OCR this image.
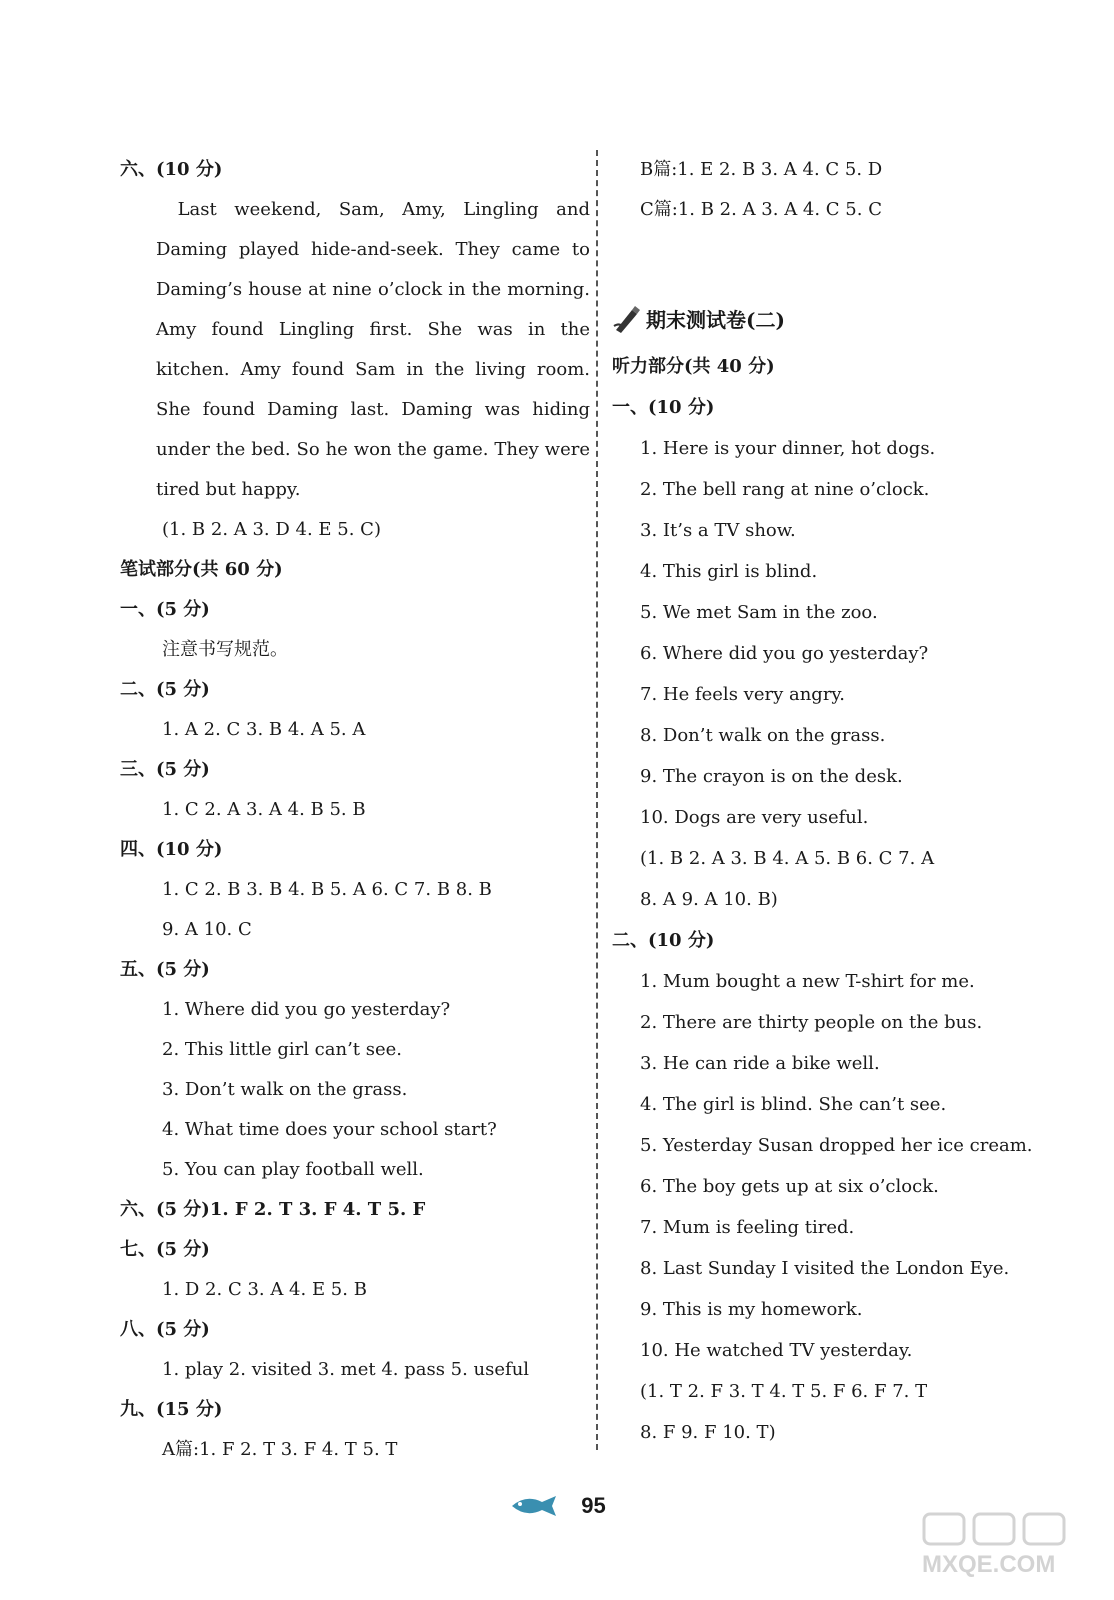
六、(10 分)

Last weekend, Sam, Amy, Lingling and Daming played hide-and-seek. They came to Daming’s house at nine o’clock in the morning. Amy found Lingling first. She was in the kitchen. Amy found Sam in the living room. She found Daming last. Daming was hiding under the bed. So he won the game. They were tired but happy.

(1. B 2. A 3. D 4. E 5. C)
笔试部分(共 60 分)
一、(5 分)
注意书写规范。
二、(5 分)
1. A 2. C 3. B 4. A 5. A
三、(5 分)
1. C 2. A 3. A 4. B 5. B
四、(10 分)
1. C 2. B 3. B 4. B 5. A 6. C 7. B 8. B
9. A 10. C
五、(5 分)
1. Where did you go yesterday?
2. This little girl can’t see.
3. Don’t walk on the grass.
4. What time does your school start?
5. You can play football well.
六、(5 分)1. F 2. T 3. F 4. T 5. F
七、(5 分)
1. D 2. C 3. A 4. E 5. B
八、(5 分)
1. play 2. visited 3. met 4. pass 5. useful
九、(15 分)
A篇:1. F 2. T 3. F 4. T 5. T
B篇:1. E 2. B 3. A 4. C 5. D
C篇:1. B 2. A 3. A 4. C 5. C
期末测试卷(二)
听力部分(共 40 分)
一、(10 分)
1. Here is your dinner, hot dogs.
2. The bell rang at nine o’clock.
3. It’s a TV show.
4. This girl is blind.
5. We met Sam in the zoo.
6. Where did you go yesterday?
7. He feels very angry.
8. Don’t walk on the grass.
9. The crayon is on the desk.
10. Dogs are very useful.
(1. B 2. A 3. B 4. A 5. B 6. C 7. A
8. A 9. A 10. B)
二、(10 分)
1. Mum bought a new T-shirt for me.
2. There are thirty people on the bus.
3. He can ride a bike well.
4. The girl is blind. She can’t see.
5. Yesterday Susan dropped her ice cream.
6. The boy gets up at six o’clock.
7. Mum is feeling tired.
8. Last Sunday I visited the London Eye.
9. This is my homework.
10. He watched TV yesterday.
(1. T 2. F 3. T 4. T 5. F 6. F 7. T
8. F 9. F 10. T)
95
MXQE.COM
